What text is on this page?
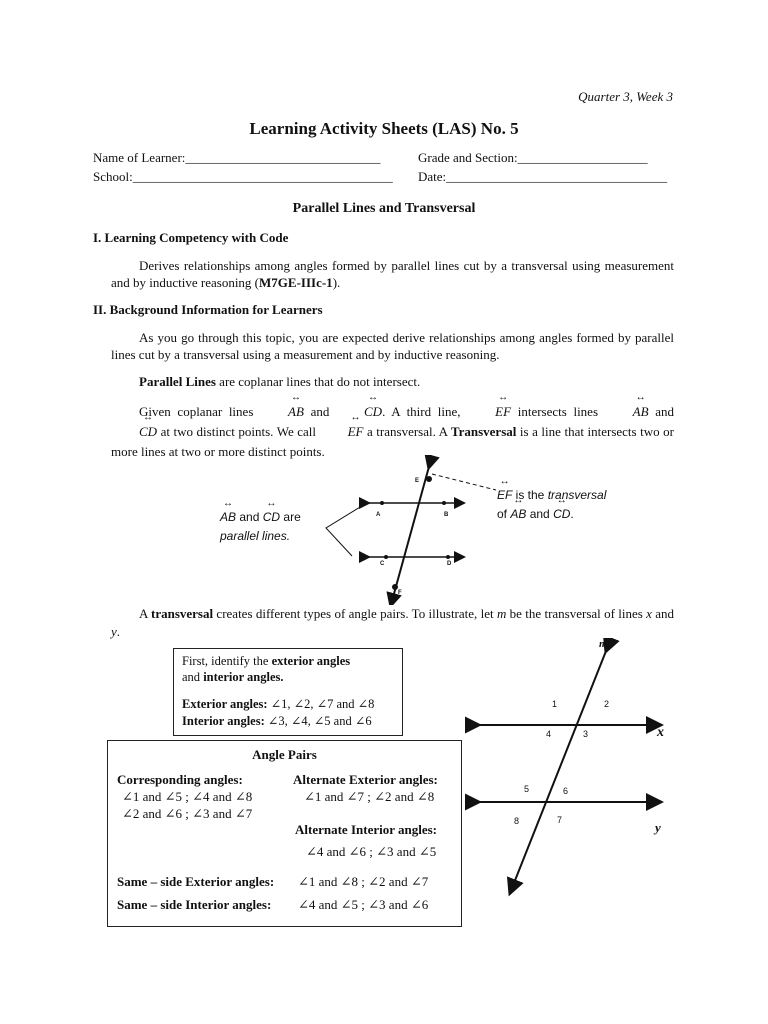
Quarter 3, Week 3
Learning Activity Sheets (LAS) No. 5
Name of Learner:______________________________	Grade and Section:____________________
School:________________________________________ Date:__________________________________
Parallel Lines and Transversal
I. Learning Competency with Code

Derives relationships among angles formed by parallel lines cut by a transversal using measurement and by inductive reasoning (M7GE-IIIc-1).

II. Background Information for Learners

As you go through this topic, you are expected derive relationships among angles formed by parallel lines cut by a transversal using a measurement and by inductive reasoning.

Parallel Lines are coplanar lines that do not intersect.

Given coplanar lines ↔ AB and ↔ CD. A third line, ↔ EF intersects lines ↔ AB and ↔ CD at two distinct points. We call ↔ EF a transversal. A Transversal is a line that intersects two or more lines at two or more distinct points.

E
A	B
C	D
F
↔ AB and ↔ CD are
parallel lines.
↔ EF is the transversal
of ↔ AB and ↔ CD.

A transversal creates different types of angle pairs. To illustrate, let m be the transversal of lines x and y.

First, identify the exterior angles
and interior angles.
Exterior angles: ∠1, ∠2, ∠7 and ∠8
Interior angles: ∠3, ∠4, ∠5 and ∠6
Angle Pairs
Corresponding angles:
∠1 and ∠5 ; ∠4 and ∠8
∠2 and ∠6 ; ∠3 and ∠7
Alternate Exterior angles:
∠1 and ∠7 ; ∠2 and ∠8
Alternate Interior angles:
∠4 and ∠6 ; ∠3 and ∠5
Same – side Exterior angles: ∠1 and ∠8 ; ∠2 and ∠7
Same – side Interior angles: ∠4 and ∠5 ; ∠3 and ∠6
m
x
y
1	2
3
4
5	6
7
8
